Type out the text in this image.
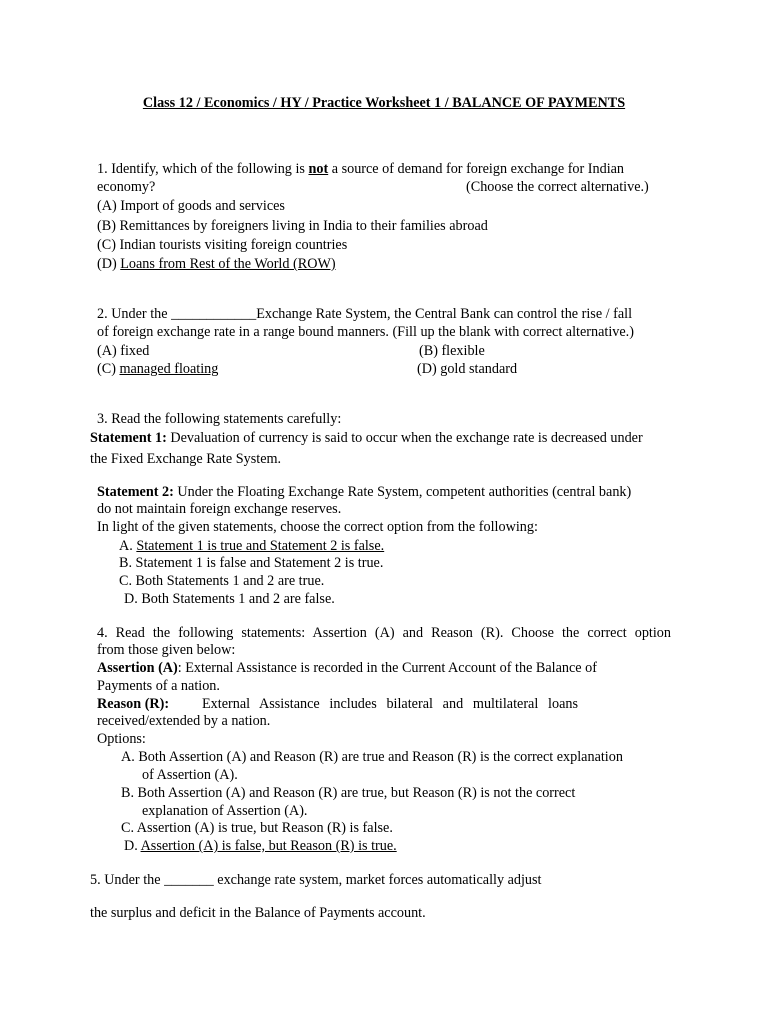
Class 12 / Economics / HY / Practice Worksheet 1 / BALANCE OF PAYMENTS
1. Identify, which of the following is not a source of demand for foreign exchange for Indian
economy?	(Choose the correct alternative.)
(A) Import of goods and services
(B) Remittances by foreigners living in India to their families abroad
(C) Indian tourists visiting foreign countries
(D) Loans from Rest of the World (ROW)
2. Under the ____________Exchange Rate System, the Central Bank can control the rise / fall
of foreign exchange rate in a range bound manners. (Fill up the blank with correct alternative.)
(A) fixed	(B) flexible
(C) managed floating	(D) gold standard
3. Read the following statements carefully:
Statement 1: Devaluation of currency is said to occur when the exchange rate is decreased under
the Fixed Exchange Rate System.
Statement 2: Under the Floating Exchange Rate System, competent authorities (central bank)
do not maintain foreign exchange reserves.
In light of the given statements, choose the correct option from the following:
A. Statement 1 is true and Statement 2 is false.
B. Statement 1 is false and Statement 2 is true.
C. Both Statements 1 and 2 are true.
D. Both Statements 1 and 2 are false.
4. Read the following statements: Assertion (A) and Reason (R). Choose the correct option
from those given below:
Assertion (A): External Assistance is recorded in the Current Account of the Balance of
Payments of a nation.
Reason (R): External Assistance includes bilateral and multilateral loans
received/extended by a nation.
Options:
A. Both Assertion (A) and Reason (R) are true and Reason (R) is the correct explanation
of Assertion (A).
B. Both Assertion (A) and Reason (R) are true, but Reason (R) is not the correct
explanation of Assertion (A).
C. Assertion (A) is true, but Reason (R) is false.
D. Assertion (A) is false, but Reason (R) is true.
5. Under the _______ exchange rate system, market forces automatically adjust
the surplus and deficit in the Balance of Payments account.
